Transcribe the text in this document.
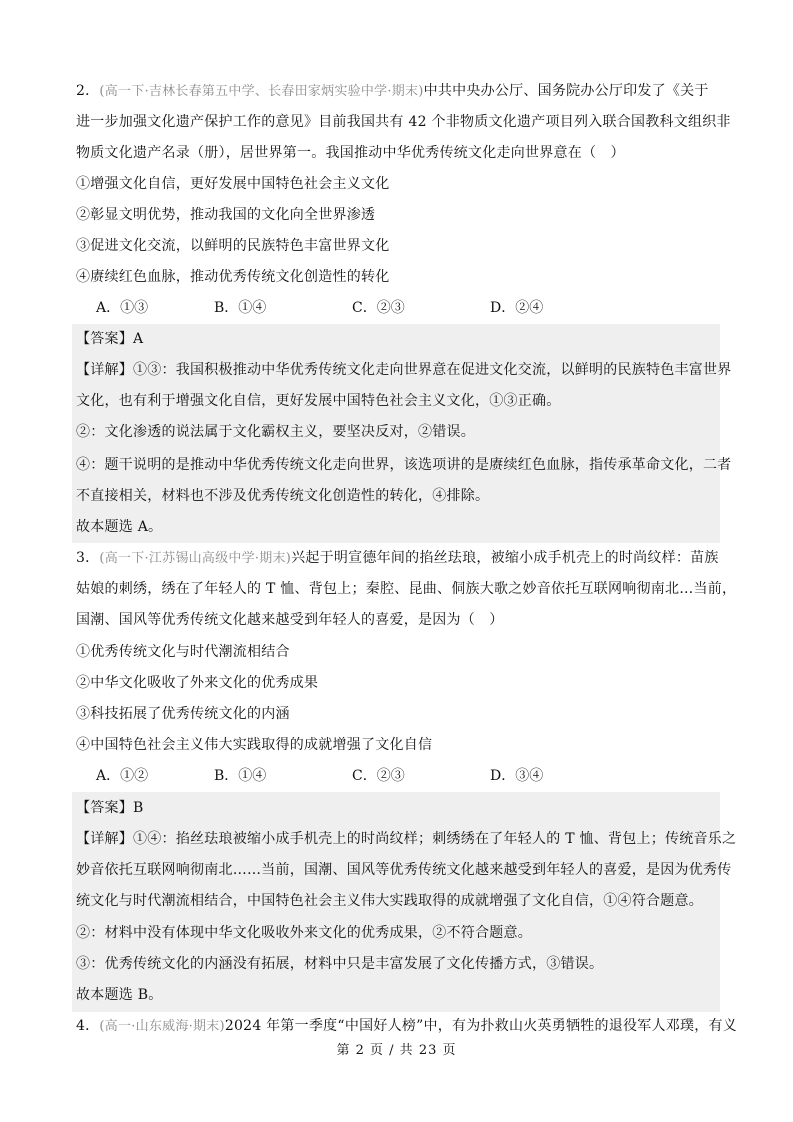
2．(高一下·吉林长春第五中学、长春田家炳实验中学·期末)中共中央办公厅、国务院办公厅印发了《关于
进一步加强文化遗产保护工作的意见》目前我国共有 42 个非物质文化遗产项目列入联合国教科文组织非
物质文化遗产名录（册），居世界第一。我国推动中华优秀传统文化走向世界意在（　）
①增强文化自信，更好发展中国特色社会主义文化
②彰显文明优势，推动我国的文化向全世界渗透
③促进文化交流，以鲜明的民族特色丰富世界文化
④赓续红色血脉，推动优秀传统文化创造性的转化
A．①③	B．①④	C．②③	D．②④
【答案】A
【详解】①③：我国积极推动中华优秀传统文化走向世界意在促进文化交流，以鲜明的民族特色丰富世界
文化，也有利于增强文化自信，更好发展中国特色社会主义文化，①③正确。
②：文化渗透的说法属于文化霸权主义，要坚决反对，②错误。
④：题干说明的是推动中华优秀传统文化走向世界，该选项讲的是赓续红色血脉，指传承革命文化，二者
不直接相关，材料也不涉及优秀传统文化创造性的转化，④排除。
故本题选 A。
3．(高一下·江苏锡山高级中学·期末)兴起于明宣德年间的掐丝珐琅，被缩小成手机壳上的时尚纹样：苗族
姑娘的刺绣，绣在了年轻人的 T 恤、背包上；秦腔、昆曲、侗族大歌之妙音依托互联网响彻南北…当前，
国潮、国风等优秀传统文化越来越受到年轻人的喜爱，是因为（　）
①优秀传统文化与时代潮流相结合
②中华文化吸收了外来文化的优秀成果
③科技拓展了优秀传统文化的内涵
④中国特色社会主义伟大实践取得的成就增强了文化自信
A．①②	B．①④	C．②③	D．③④
【答案】B
【详解】①④：掐丝珐琅被缩小成手机壳上的时尚纹样；刺绣绣在了年轻人的 T 恤、背包上；传统音乐之
妙音依托互联网响彻南北……当前，国潮、国风等优秀传统文化越来越受到年轻人的喜爱，是因为优秀传
统文化与时代潮流相结合，中国特色社会主义伟大实践取得的成就增强了文化自信，①④符合题意。
②：材料中没有体现中华文化吸收外来文化的优秀成果，②不符合题意。
③：优秀传统文化的内涵没有拓展，材料中只是丰富发展了文化传播方式，③错误。
故本题选 B。
4．(高一·山东威海·期末)2024 年第一季度“中国好人榜”中，有为扑救山火英勇牺牲的退役军人邓璞，有义
第 2 页 / 共 23 页
